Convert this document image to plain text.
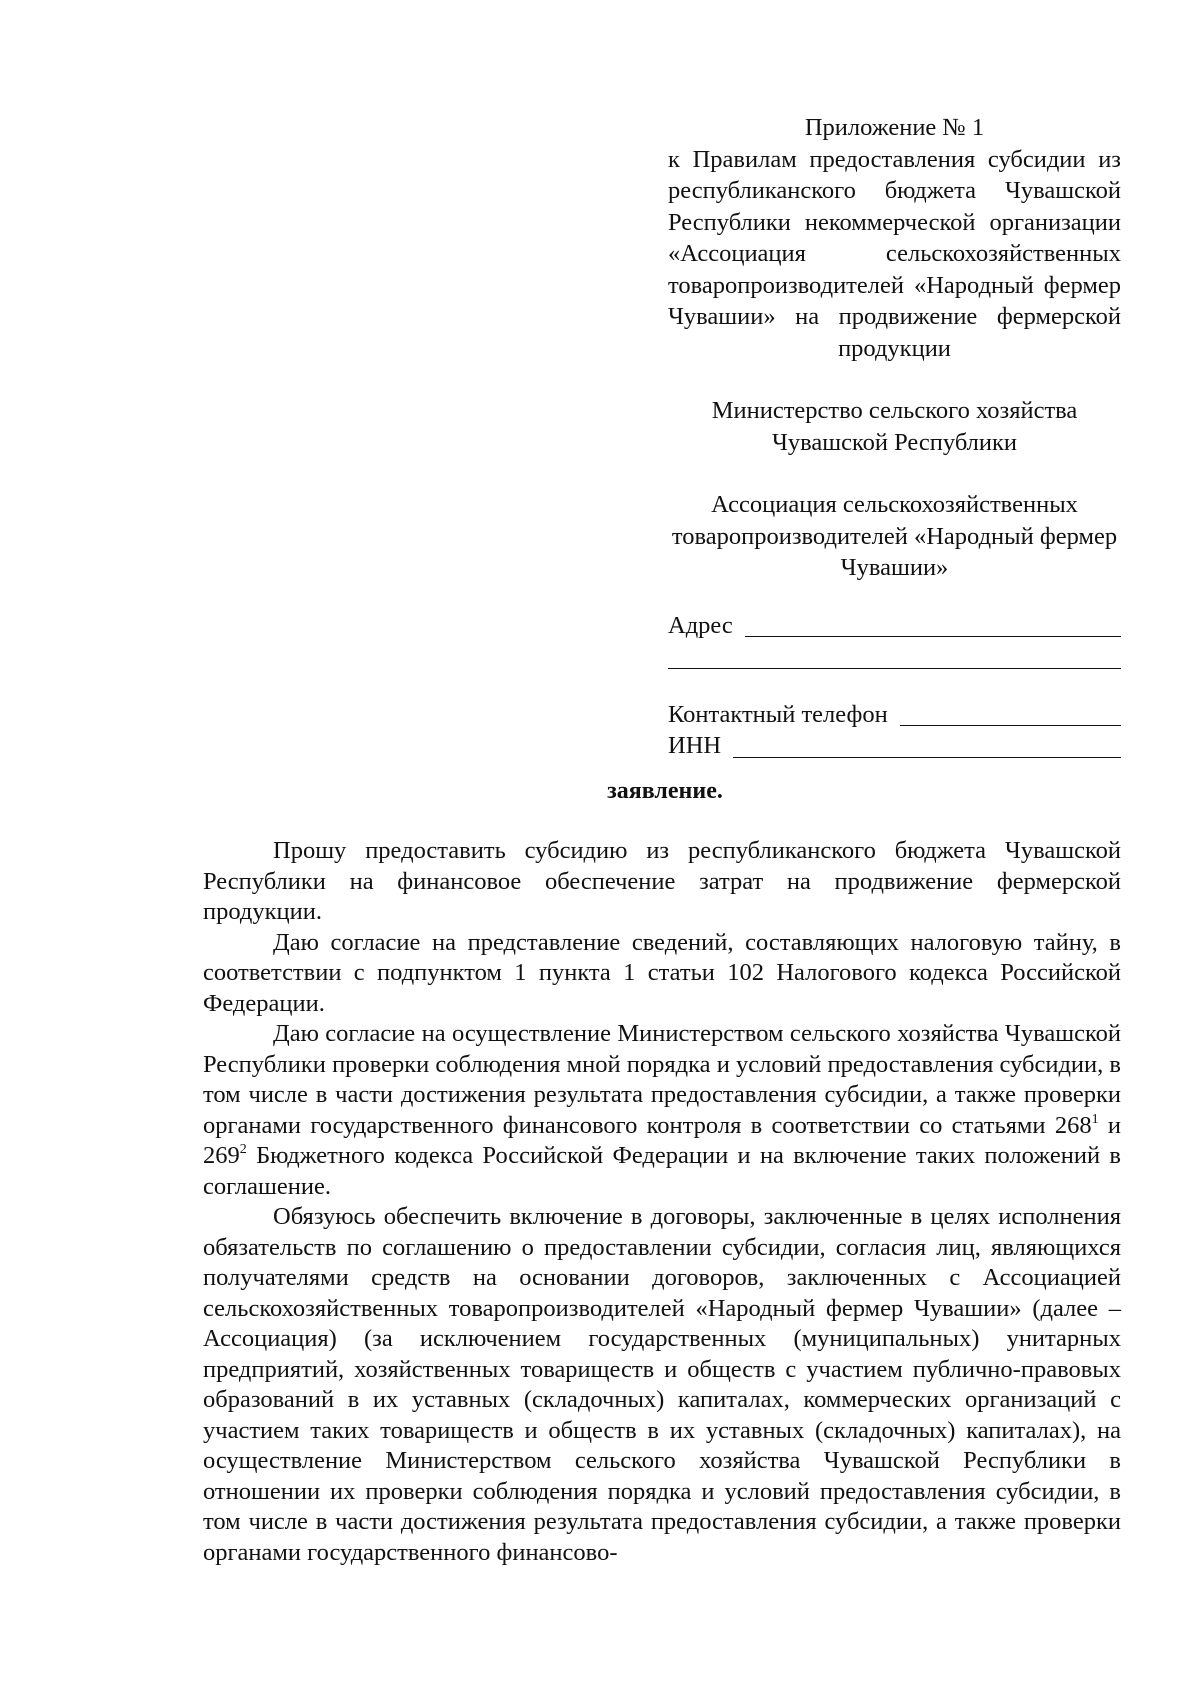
Приложение № 1

к Правилам предоставления субсидии из республиканского бюджета Чувашской Республики некоммерческой организации «Ассоциация сельскохозяйственных товаропроизводителей «Народный фермер Чувашии» на продвижение фермерской продукции

Министерство сельского хозяйства Чувашской Республики

Ассоциация сельскохозяйственных товаропроизводителей «Народный фермер Чувашии»

Адрес
Контактный телефон
ИНН

заявление.

Прошу предоставить субсидию из республиканского бюджета Чувашской Республики на финансовое обеспечение затрат на продвижение фермерской продукции.

Даю согласие на представление сведений, составляющих налоговую тайну, в соответствии с подпунктом 1 пункта 1 статьи 102 Налогового кодекса Российской Федерации.

Даю согласие на осуществление Министерством сельского хозяйства Чувашской Республики проверки соблюдения мной порядка и условий предоставления субсидии, в том числе в части достижения результата предоставления субсидии, а также проверки органами государственного финансового контроля в соответствии со статьями $268^1$ и $269^2$ Бюджетного кодекса Российской Федерации и на включение таких положений в соглашение.

Обязуюсь обеспечить включение в договоры, заключенные в целях исполнения обязательств по соглашению о предоставлении субсидии, согласия лиц, являющихся получателями средств на основании договоров, заключенных с Ассоциацией сельскохозяйственных товаропроизводителей «Народный фермер Чувашии» (далее – Ассоциация) (за исключением государственных (муниципальных) унитарных предприятий, хозяйственных товариществ и обществ с участием публично-правовых образований в их уставных (складочных) капиталах, коммерческих организаций с участием таких товариществ и обществ в их уставных (складочных) капиталах), на осуществление Министерством сельского хозяйства Чувашской Республики в отношении их проверки соблюдения порядка и условий предоставления субсидии, в том числе в части достижения результата предоставления субсидии, а также проверки органами государственного финансово-
